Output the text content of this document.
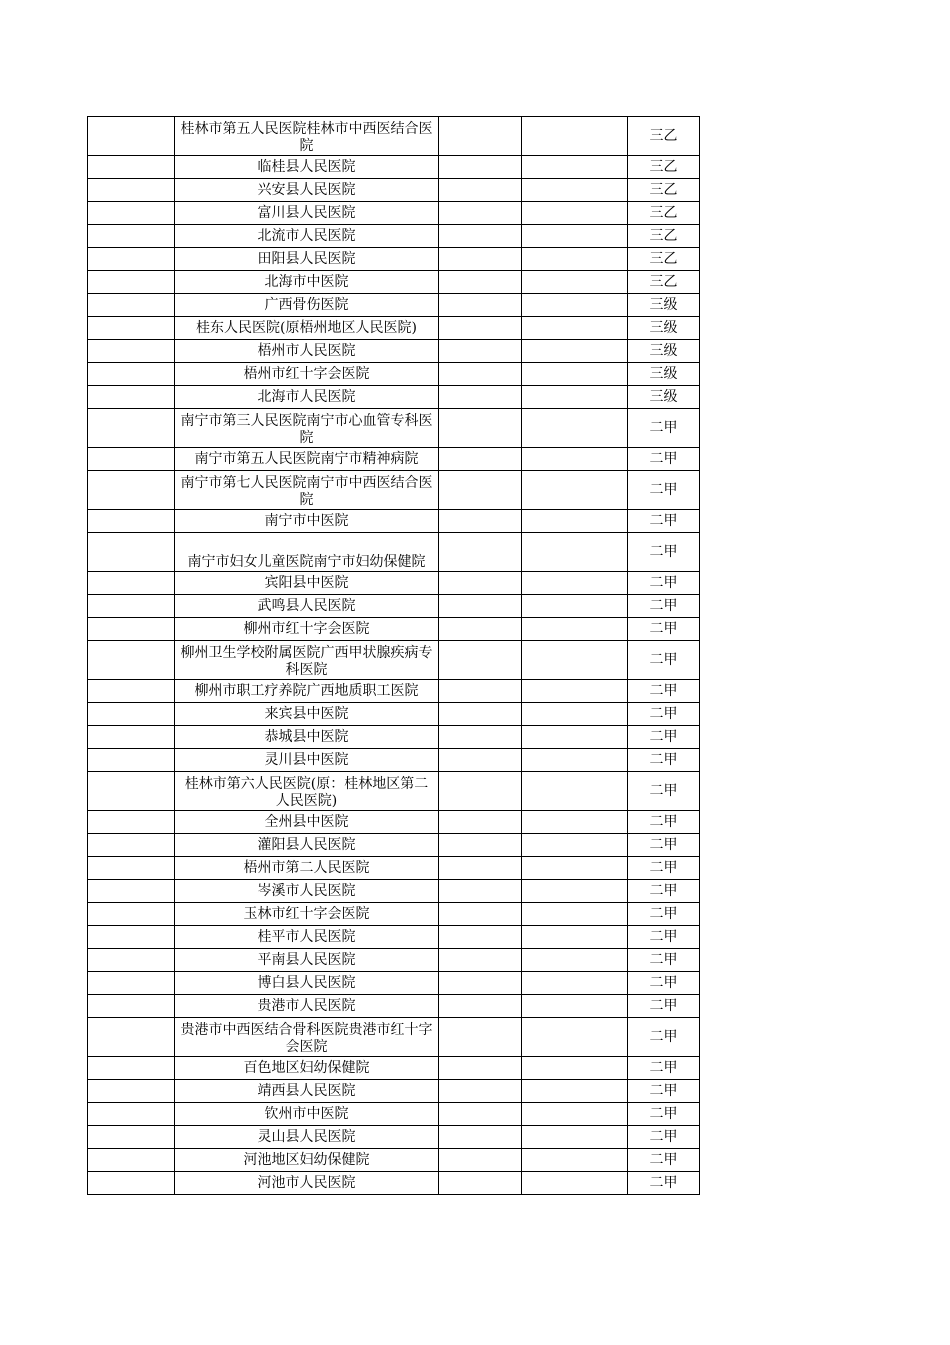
	桂林市第五人民医院桂林市中西医结合医院			三乙
	临桂县人民医院			三乙
	兴安县人民医院			三乙
	富川县人民医院			三乙
	北流市人民医院			三乙
	田阳县人民医院			三乙
	北海市中医院			三乙
	广西骨伤医院			三级
	桂东人民医院(原梧州地区人民医院)			三级
	梧州市人民医院			三级
	梧州市红十字会医院			三级
	北海市人民医院			三级
	南宁市第三人民医院南宁市心血管专科医院			二甲
	南宁市第五人民医院南宁市精神病院			二甲
	南宁市第七人民医院南宁市中西医结合医院			二甲
	南宁市中医院			二甲
	南宁市妇女儿童医院南宁市妇幼保健院			二甲
	宾阳县中医院			二甲
	武鸣县人民医院			二甲
	柳州市红十字会医院			二甲
	柳州卫生学校附属医院广西甲状腺疾病专科医院			二甲
	柳州市职工疗养院广西地质职工医院			二甲
	来宾县中医院			二甲
	恭城县中医院			二甲
	灵川县中医院			二甲
	桂林市第六人民医院(原：桂林地区第二人民医院)			二甲
	全州县中医院			二甲
	灌阳县人民医院			二甲
	梧州市第二人民医院			二甲
	岑溪市人民医院			二甲
	玉林市红十字会医院			二甲
	桂平市人民医院			二甲
	平南县人民医院			二甲
	博白县人民医院			二甲
	贵港市人民医院			二甲
	贵港市中西医结合骨科医院贵港市红十字会医院			二甲
	百色地区妇幼保健院			二甲
	靖西县人民医院			二甲
	钦州市中医院			二甲
	灵山县人民医院			二甲
	河池地区妇幼保健院			二甲
	河池市人民医院			二甲
